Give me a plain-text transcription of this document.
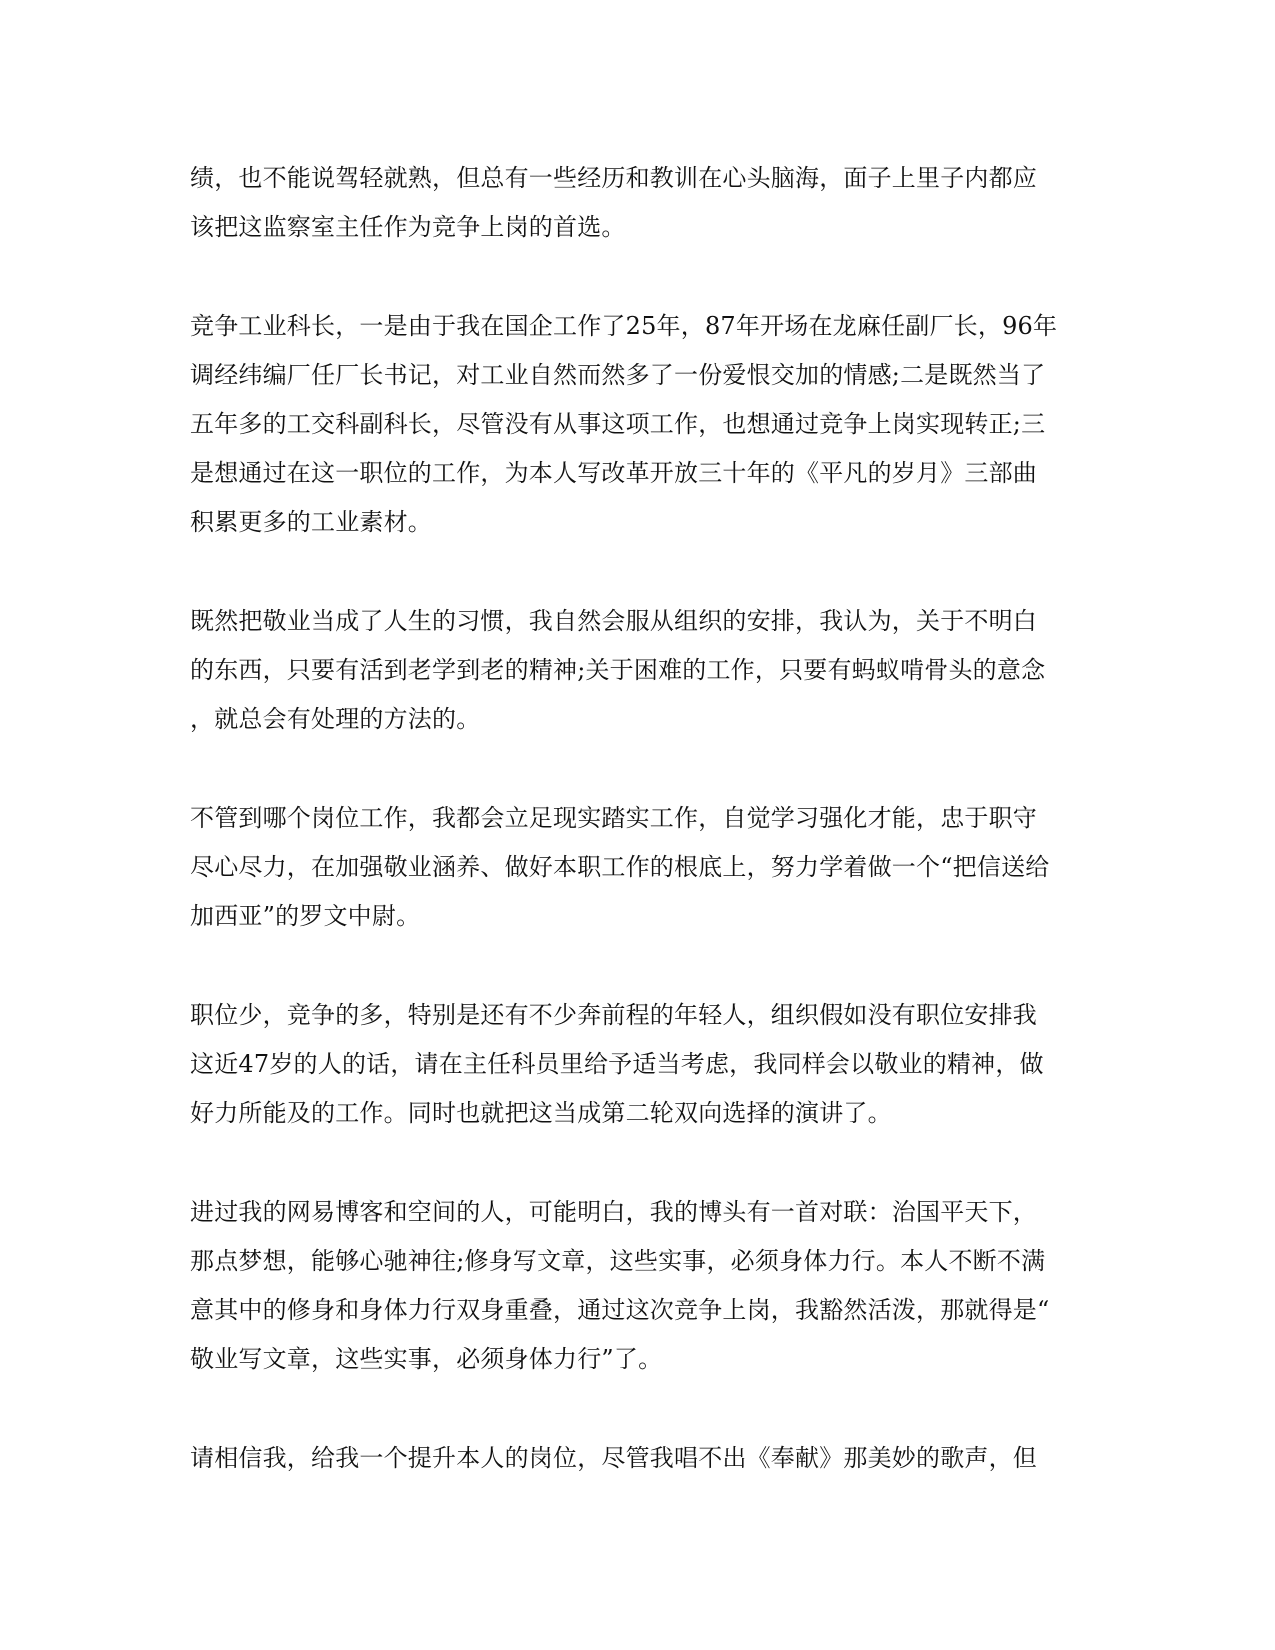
绩，也不能说驾轻就熟，但总有一些经历和教训在心头脑海，面子上里子内都应
该把这监察室主任作为竞争上岗的首选。

竞争工业科长，一是由于我在国企工作了25年，87年开场在龙麻任副厂长，96年
调经纬编厂任厂长书记，对工业自然而然多了一份爱恨交加的情感;二是既然当了
五年多的工交科副科长，尽管没有从事这项工作，也想通过竞争上岗实现转正;三
是想通过在这一职位的工作，为本人写改革开放三十年的《平凡的岁月》三部曲
积累更多的工业素材。

既然把敬业当成了人生的习惯，我自然会服从组织的安排，我认为，关于不明白
的东西，只要有活到老学到老的精神;关于困难的工作，只要有蚂蚁啃骨头的意念
，就总会有处理的方法的。

不管到哪个岗位工作，我都会立足现实踏实工作，自觉学习强化才能，忠于职守
尽心尽力，在加强敬业涵养、做好本职工作的根底上，努力学着做一个“把信送给
加西亚”的罗文中尉。

职位少，竞争的多，特别是还有不少奔前程的年轻人，组织假如没有职位安排我
这近47岁的人的话，请在主任科员里给予适当考虑，我同样会以敬业的精神，做
好力所能及的工作。同时也就把这当成第二轮双向选择的演讲了。

进过我的网易博客和空间的人，可能明白，我的博头有一首对联：治国平天下，
那点梦想，能够心驰神往;修身写文章，这些实事，必须身体力行。本人不断不满
意其中的修身和身体力行双身重叠，通过这次竞争上岗，我豁然活泼，那就得是“
敬业写文章，这些实事，必须身体力行”了。

请相信我，给我一个提升本人的岗位，尽管我唱不出《奉献》那美妙的歌声，但
